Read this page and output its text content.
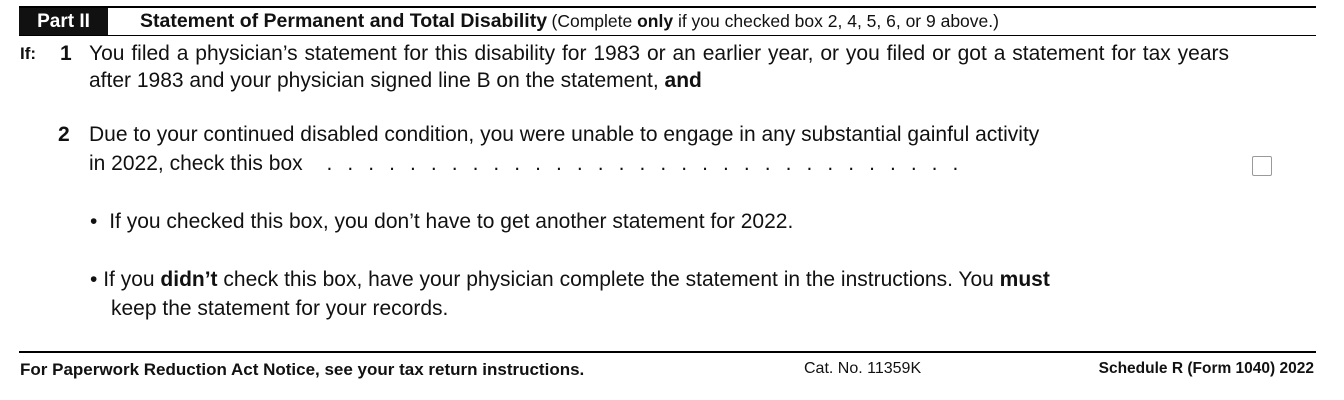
Part II	Statement of Permanent and Total Disability (Complete only if you checked box 2, 4, 5, 6, or 9 above.)
If: 1 You filed a physician’s statement for this disability for 1983 or an earlier year, or you filed or got a statement for tax years after 1983 and your physician signed line B on the statement, and
2 Due to your continued disabled condition, you were unable to engage in any substantial gainful activity
in 2022, check this box . . . . . . . . . . . . . . . . . . . . . . . . . . . . . . .
• If you checked this box, you don’t have to get another statement for 2022.
• If you didn’t check this box, have your physician complete the statement in the instructions. You must
keep the statement for your records.
For Paperwork Reduction Act Notice, see your tax return instructions.	Cat. No. 11359K	Schedule R (Form 1040) 2022
